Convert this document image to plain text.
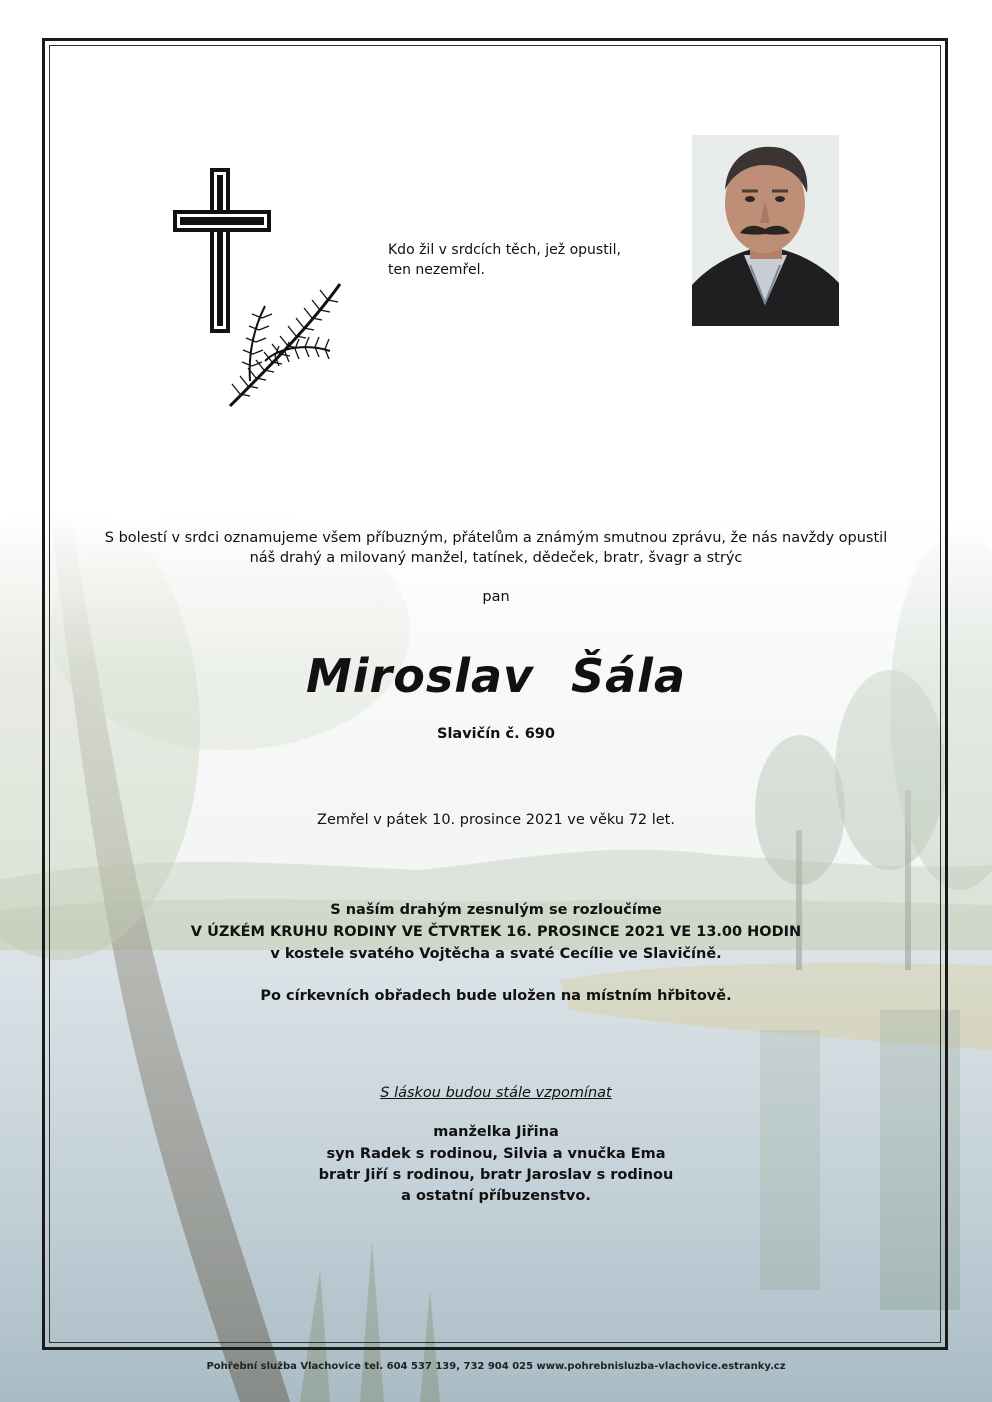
Kdo žil v srdcích těch, jež opustil,
ten nezemřel.
S bolestí v srdci oznamujeme všem příbuzným, přátelům a známým smutnou zprávu, že nás navždy opustil
náš drahý a milovaný manžel, tatínek, dědeček, bratr, švagr a strýc
pan
Miroslav Šála
Slavičín č. 690
Zemřel v pátek 10. prosince 2021 ve věku 72 let.
S naším drahým zesnulým se rozloučíme
V ÚZKÉM KRUHU RODINY VE ČTVRTEK 16. PROSINCE 2021 VE 13.00 HODIN
v kostele svatého Vojtěcha a svaté Cecílie ve Slavičíně.
Po církevních obřadech bude uložen na místním hřbitově.
S láskou budou stále vzpomínat
manželka Jiřina
syn Radek s rodinou, Silvia a vnučka Ema
bratr Jiří s rodinou, bratr Jaroslav s rodinou
a ostatní příbuzenstvo.
Pohřební služba Vlachovice tel. 604 537 139, 732 904 025 www.pohrebnisluzba-vlachovice.estranky.cz
